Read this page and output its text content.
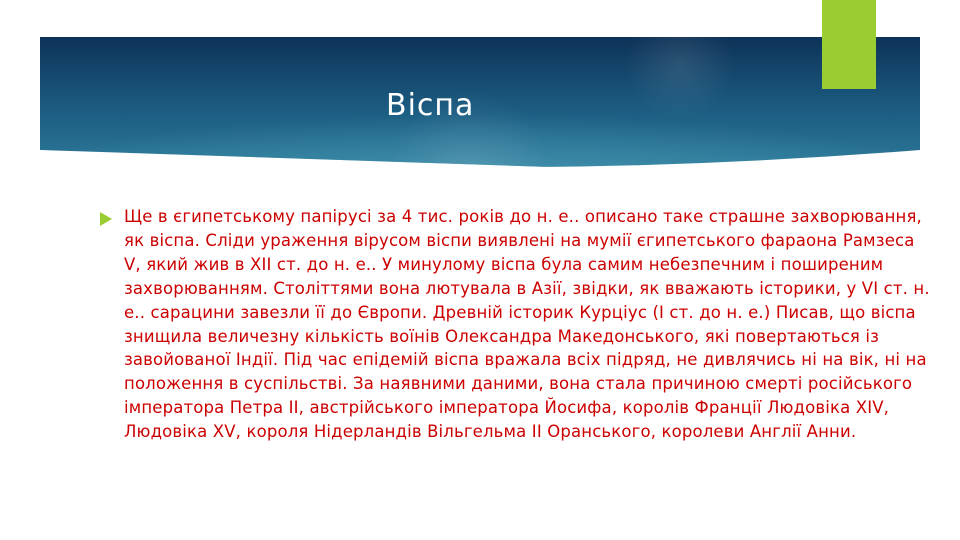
Віспа

Ще в єгипетському папірусі за 4 тис. років до н. е.. описано таке страшне захворювання, як віспа. Сліди ураження вірусом віспи виявлені на мумії єгипетського фараона Рамзеса V, який жив в XII ст. до н. е.. У минулому віспа була самим небезпечним і поширеним захворюванням. Століттями вона лютувала в Азії, звідки, як вважають історики, у VI ст. н. е.. сарацини завезли її до Європи. Древній історик Курціус (I ст. до н. е.) Писав, що віспа знищила величезну кількість воїнів Олександра Македонського, які повертаються із завойованої Індії. Під час епідемій віспа вражала всіх підряд, не дивлячись ні на вік, ні на положення в суспільстві. За наявними даними, вона стала причиною смерті російського імператора Петра II, австрійського імператора Йосифа, королів Франції Людовіка XIV, Людовіка XV, короля Нідерландів Вільгельма II Оранського, королеви Англії Анни.
